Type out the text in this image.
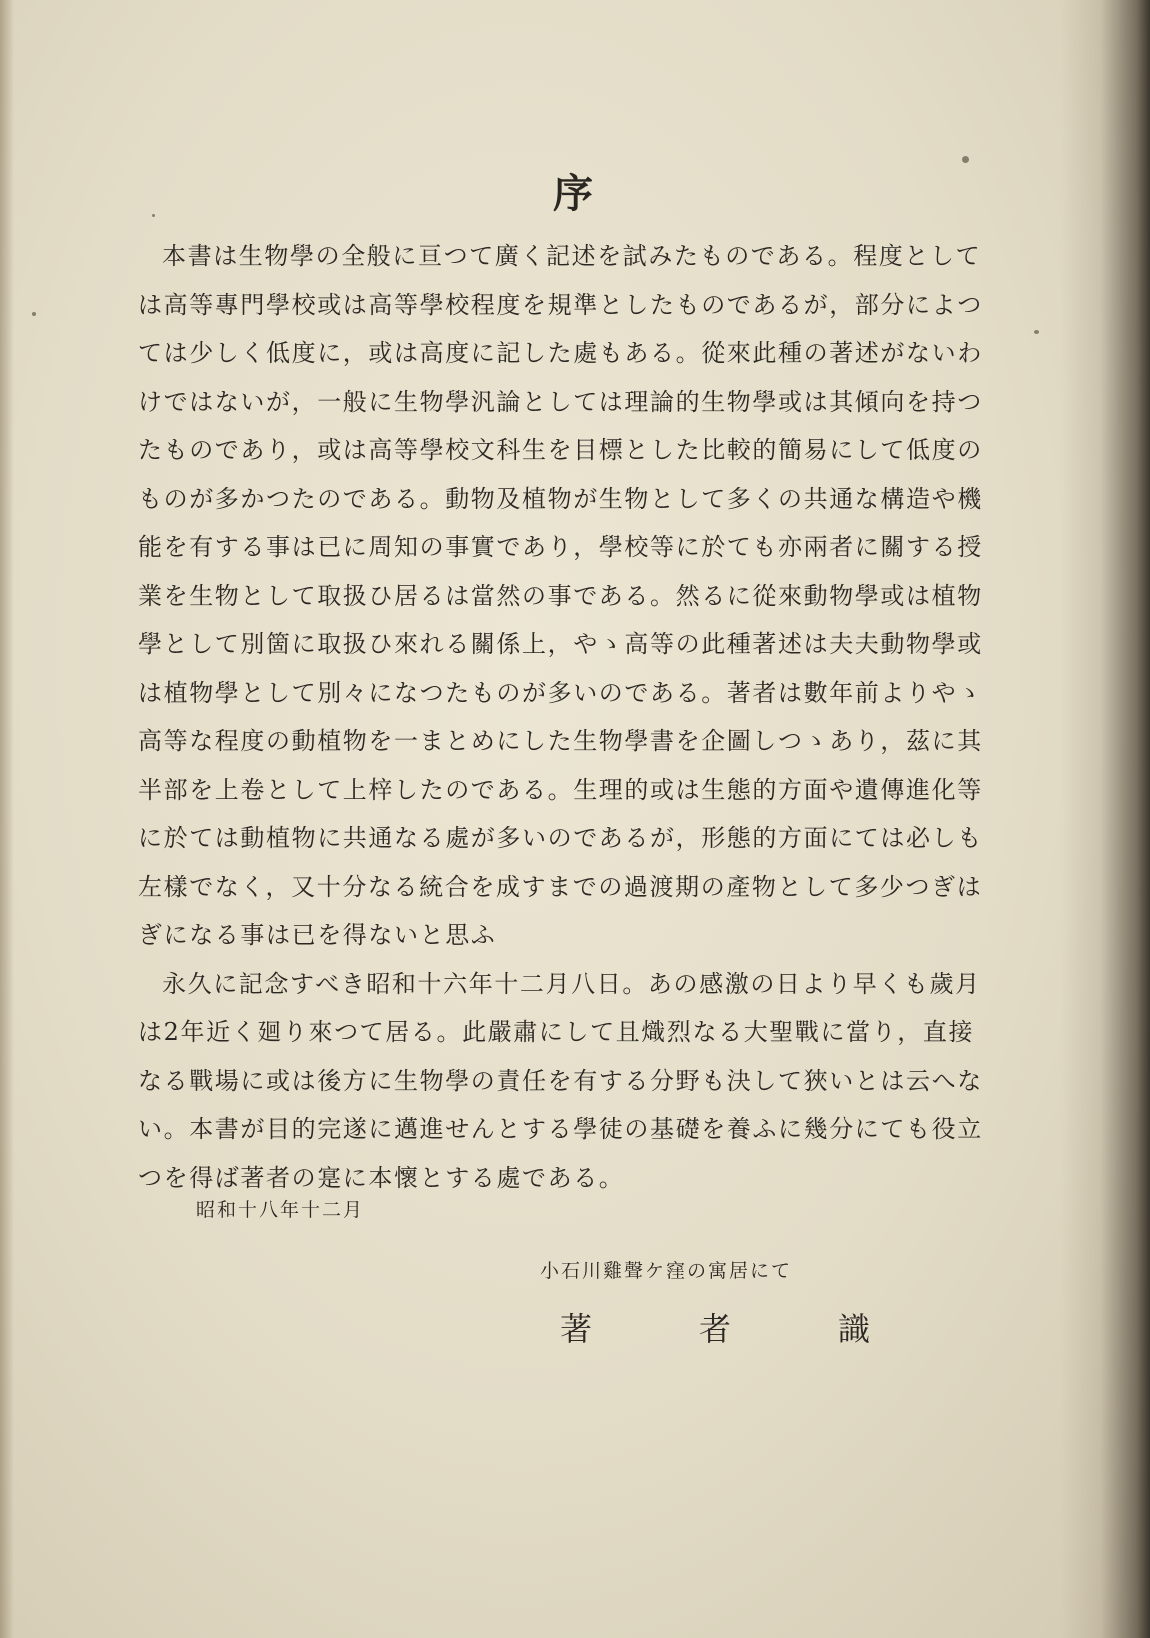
序

本書は生物學の全般に亘つて廣く記述を試みたものである。程度としては高等專門學校或は高等學校程度を規準としたものであるが，部分によつては少しく低度に，或は高度に記した處もある。從來此種の著述がないわけではないが，一般に生物學汎論としては理論的生物學或は其傾向を持つたものであり，或は高等學校文科生を目標とした比較的簡易にして低度のものが多かつたのである。動物及植物が生物として多くの共通な構造や機能を有する事は已に周知の事實であり，學校等に於ても亦兩者に關する授業を生物として取扱ひ居るは當然の事である。然るに從來動物學或は植物學として別箇に取扱ひ來れる關係上，やゝ高等の此種著述は夫夫動物學或は植物學として別々になつたものが多いのである。著者は數年前よりやゝ高等な程度の動植物を一まとめにした生物學書を企圖しつゝあり，茲に其半部を上卷として上梓したのである。生理的或は生態的方面や遺傳進化等に於ては動植物に共通なる處が多いのであるが，形態的方面にては必しも左樣でなく，又十分なる統合を成すまでの過渡期の產物として多少つぎはぎになる事は已を得ないと思ふ

永久に記念すべき昭和十六年十二月八日。あの感激の日より早くも歲月は2年近く廻り來つて居る。此嚴肅にして且熾烈なる大聖戰に當り，直接なる戰場に或は後方に生物學の責任を有する分野も決して狹いとは云へない。本書が目的完遂に邁進せんとする學徒の基礎を養ふに幾分にても役立つを得ば著者の寔に本懷とする處である。

昭和十八年十二月
小石川雞聲ケ窪の寓居にて
著	者	識
